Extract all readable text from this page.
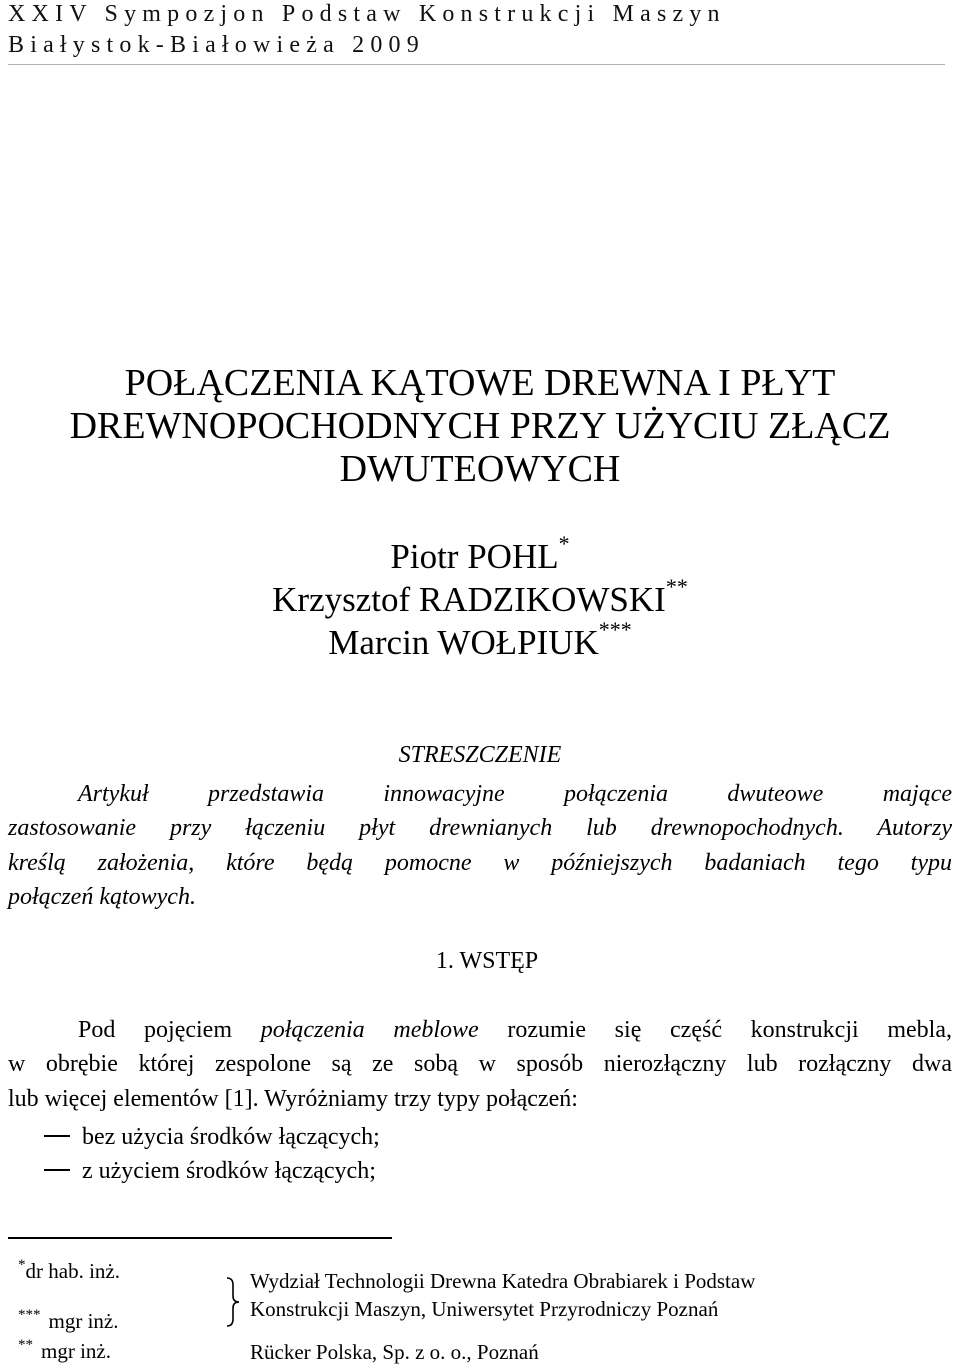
XXIV Sympozjon Podstaw Konstrukcji Maszyn
Białystok-Białowieża 2009
POŁĄCZENIA KĄTOWE DREWNA I PŁYT
DREWNOPOCHODNYCH PRZY UŻYCIU ZŁĄCZ
DWUTEOWYCH
Piotr POHL*
Krzysztof RADZIKOWSKI**
Marcin WOŁPIUK***
STRESZCZENIE
Artykuł przedstawia innowacyjne połączenia dwuteowe mające
zastosowanie przy łączeniu płyt drewnianych lub drewnopochodnych. Autorzy
kreślą założenia, które będą pomocne w późniejszych badaniach tego typu
połączeń kątowych.
1. WSTĘP
Pod pojęciem połączenia meblowe rozumie się część konstrukcji mebla,
w obrębie której zespolone są ze sobą w sposób nierozłączny lub rozłączny dwa
lub więcej elementów [1]. Wyróżniamy trzy typy połączeń:
bez użycia środków łączących;
z użyciem środków łączących;
*dr hab. inż.
*** mgr inż.
** mgr inż.
Wydział Technologii Drewna Katedra Obrabiarek i Podstaw
Konstrukcji Maszyn, Uniwersytet Przyrodniczy Poznań
Rücker Polska, Sp. z o. o., Poznań
